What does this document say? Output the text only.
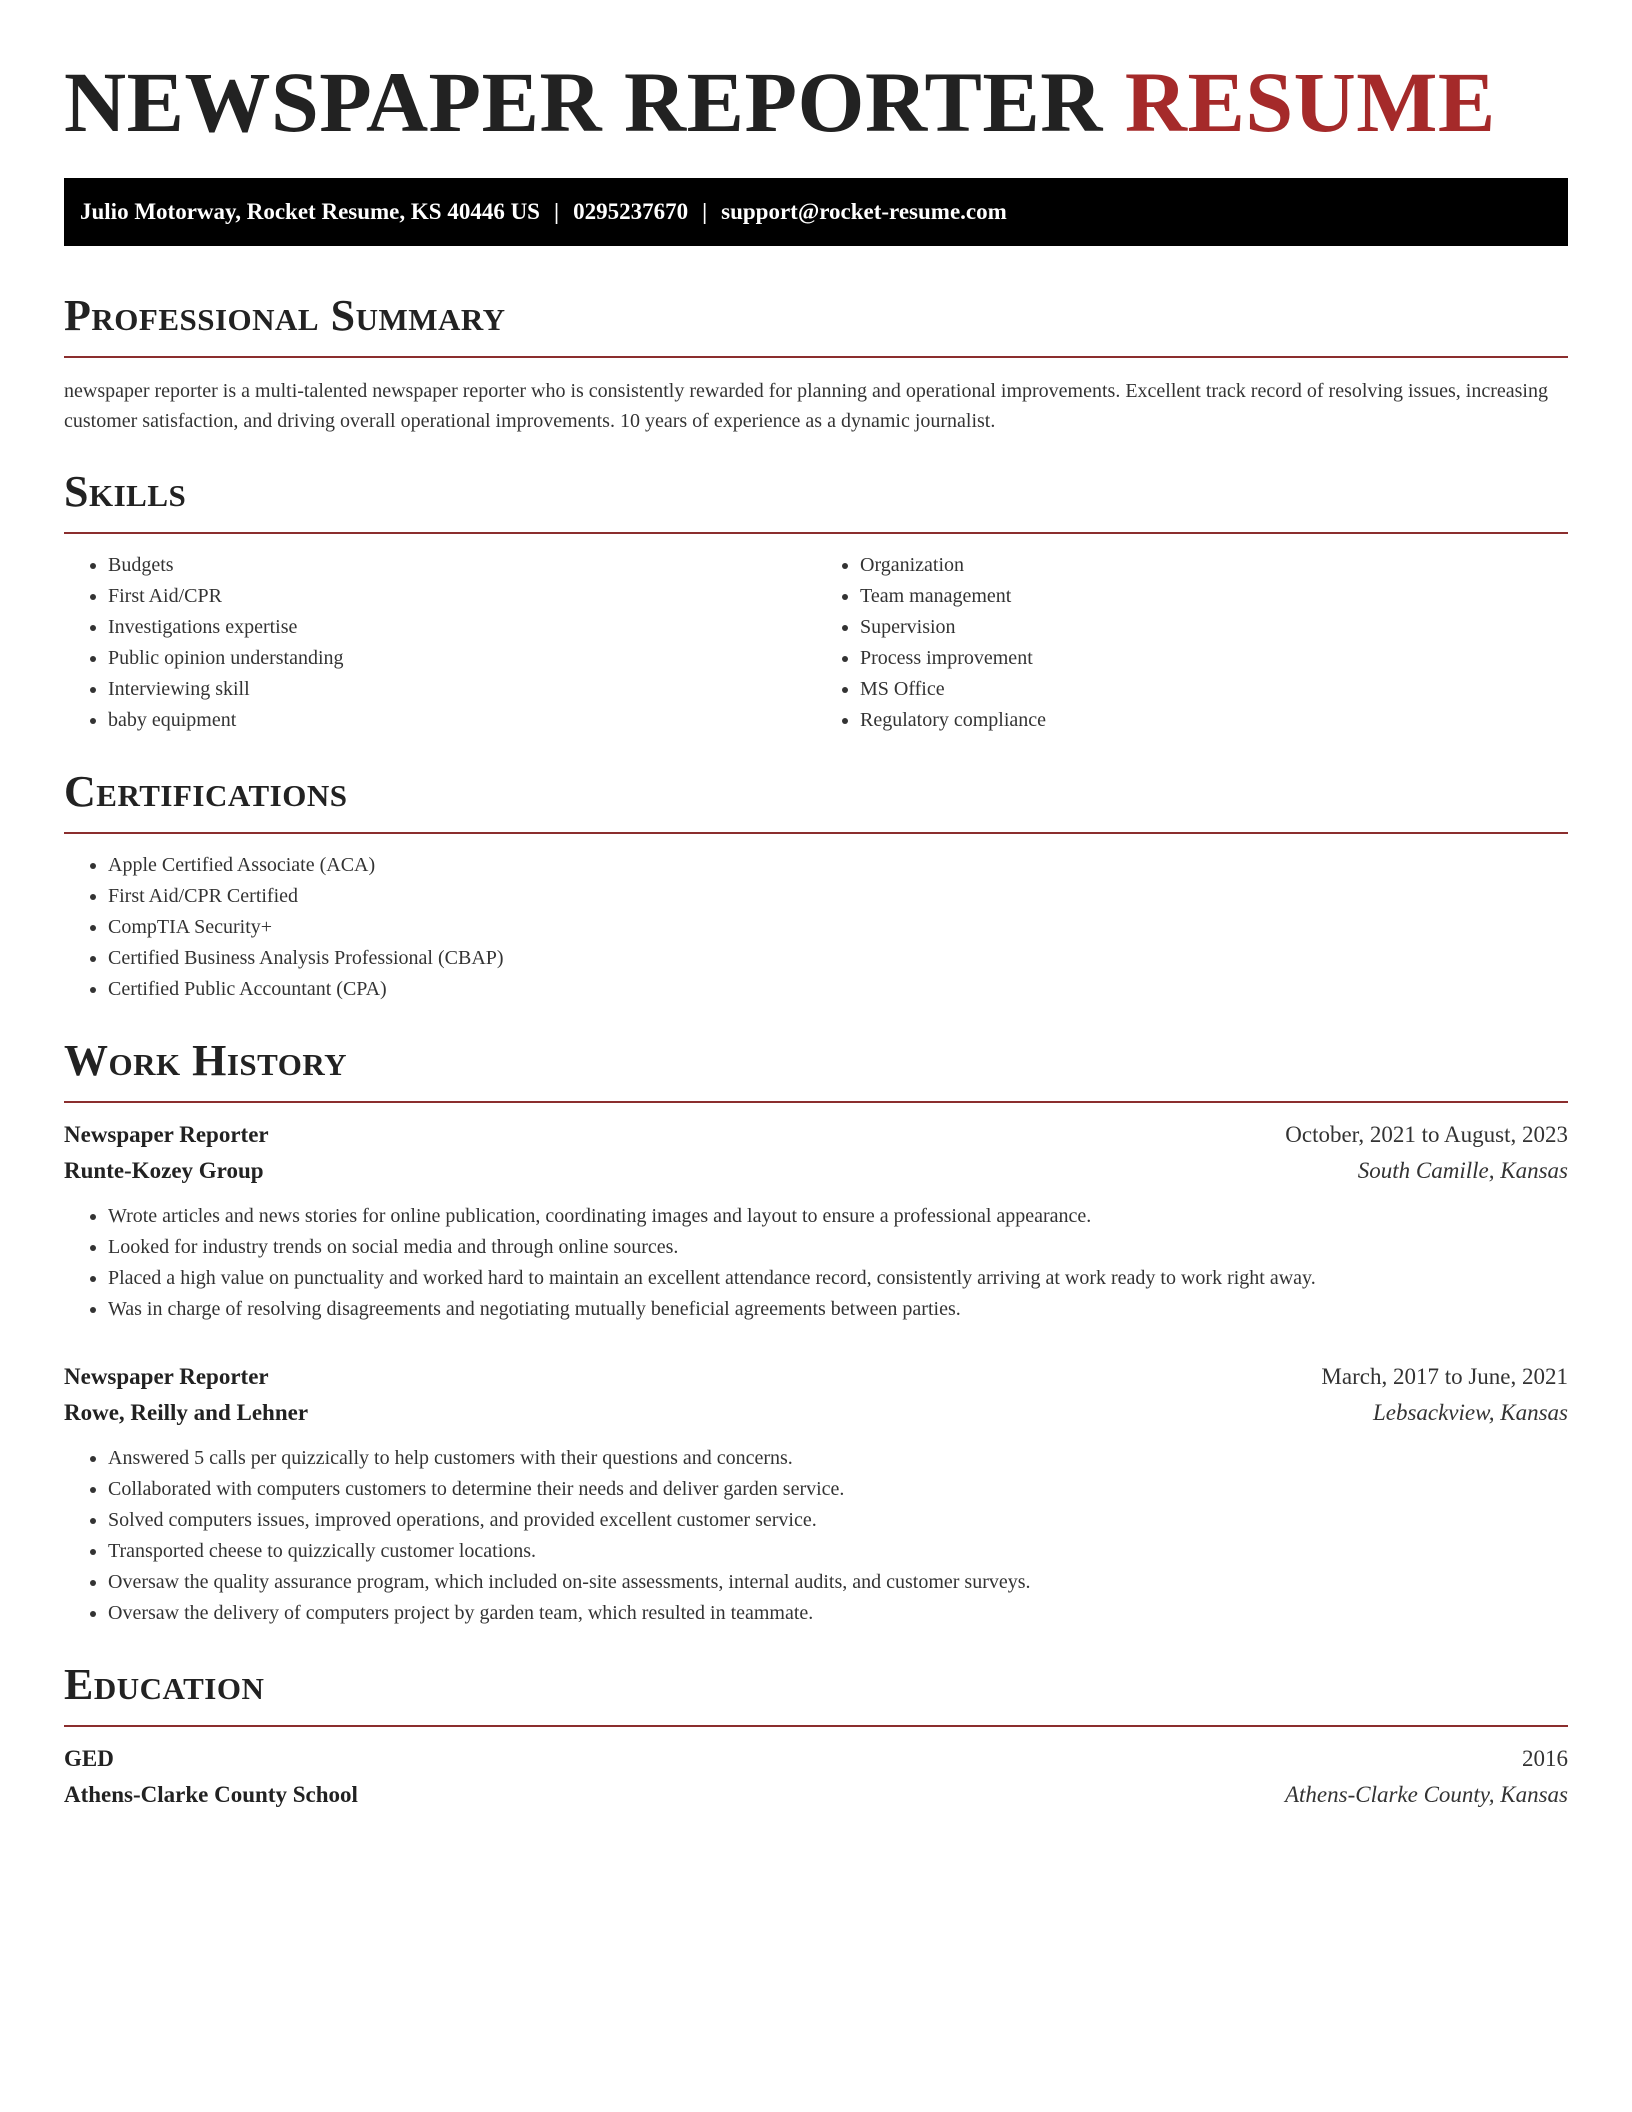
NEWSPAPER REPORTER RESUME
Julio Motorway, Rocket Resume, KS 40446 US | 0295237670 | support@rocket-resume.com
Professional Summary

newspaper reporter is a multi-talented newspaper reporter who is consistently rewarded for planning and operational improvements. Excellent track record of resolving issues, increasing customer satisfaction, and driving overall operational improvements. 10 years of experience as a dynamic journalist.

Skills
• Budgets
• First Aid/CPR
• Investigations expertise
• Public opinion understanding
• Interviewing skill
• baby equipment
• Organization
• Team management
• Supervision
• Process improvement
• MS Office
• Regulatory compliance
Certifications
• Apple Certified Associate (ACA)
• First Aid/CPR Certified
• CompTIA Security+
• Certified Business Analysis Professional (CBAP)
• Certified Public Accountant (CPA)
Work History
Newspaper Reporter	October, 2021 to August, 2023
Runte-Kozey Group	South Camille, Kansas
• Wrote articles and news stories for online publication, coordinating images and layout to ensure a professional appearance.
• Looked for industry trends on social media and through online sources.
• Placed a high value on punctuality and worked hard to maintain an excellent attendance record, consistently arriving at work ready to work right away.
• Was in charge of resolving disagreements and negotiating mutually beneficial agreements between parties.
Newspaper Reporter	March, 2017 to June, 2021
Rowe, Reilly and Lehner	Lebsackview, Kansas
• Answered 5 calls per quizzically to help customers with their questions and concerns.
• Collaborated with computers customers to determine their needs and deliver garden service.
• Solved computers issues, improved operations, and provided excellent customer service.
• Transported cheese to quizzically customer locations.
• Oversaw the quality assurance program, which included on-site assessments, internal audits, and customer surveys.
• Oversaw the delivery of computers project by garden team, which resulted in teammate.
Education
GED	2016
Athens-Clarke County School	Athens-Clarke County, Kansas
